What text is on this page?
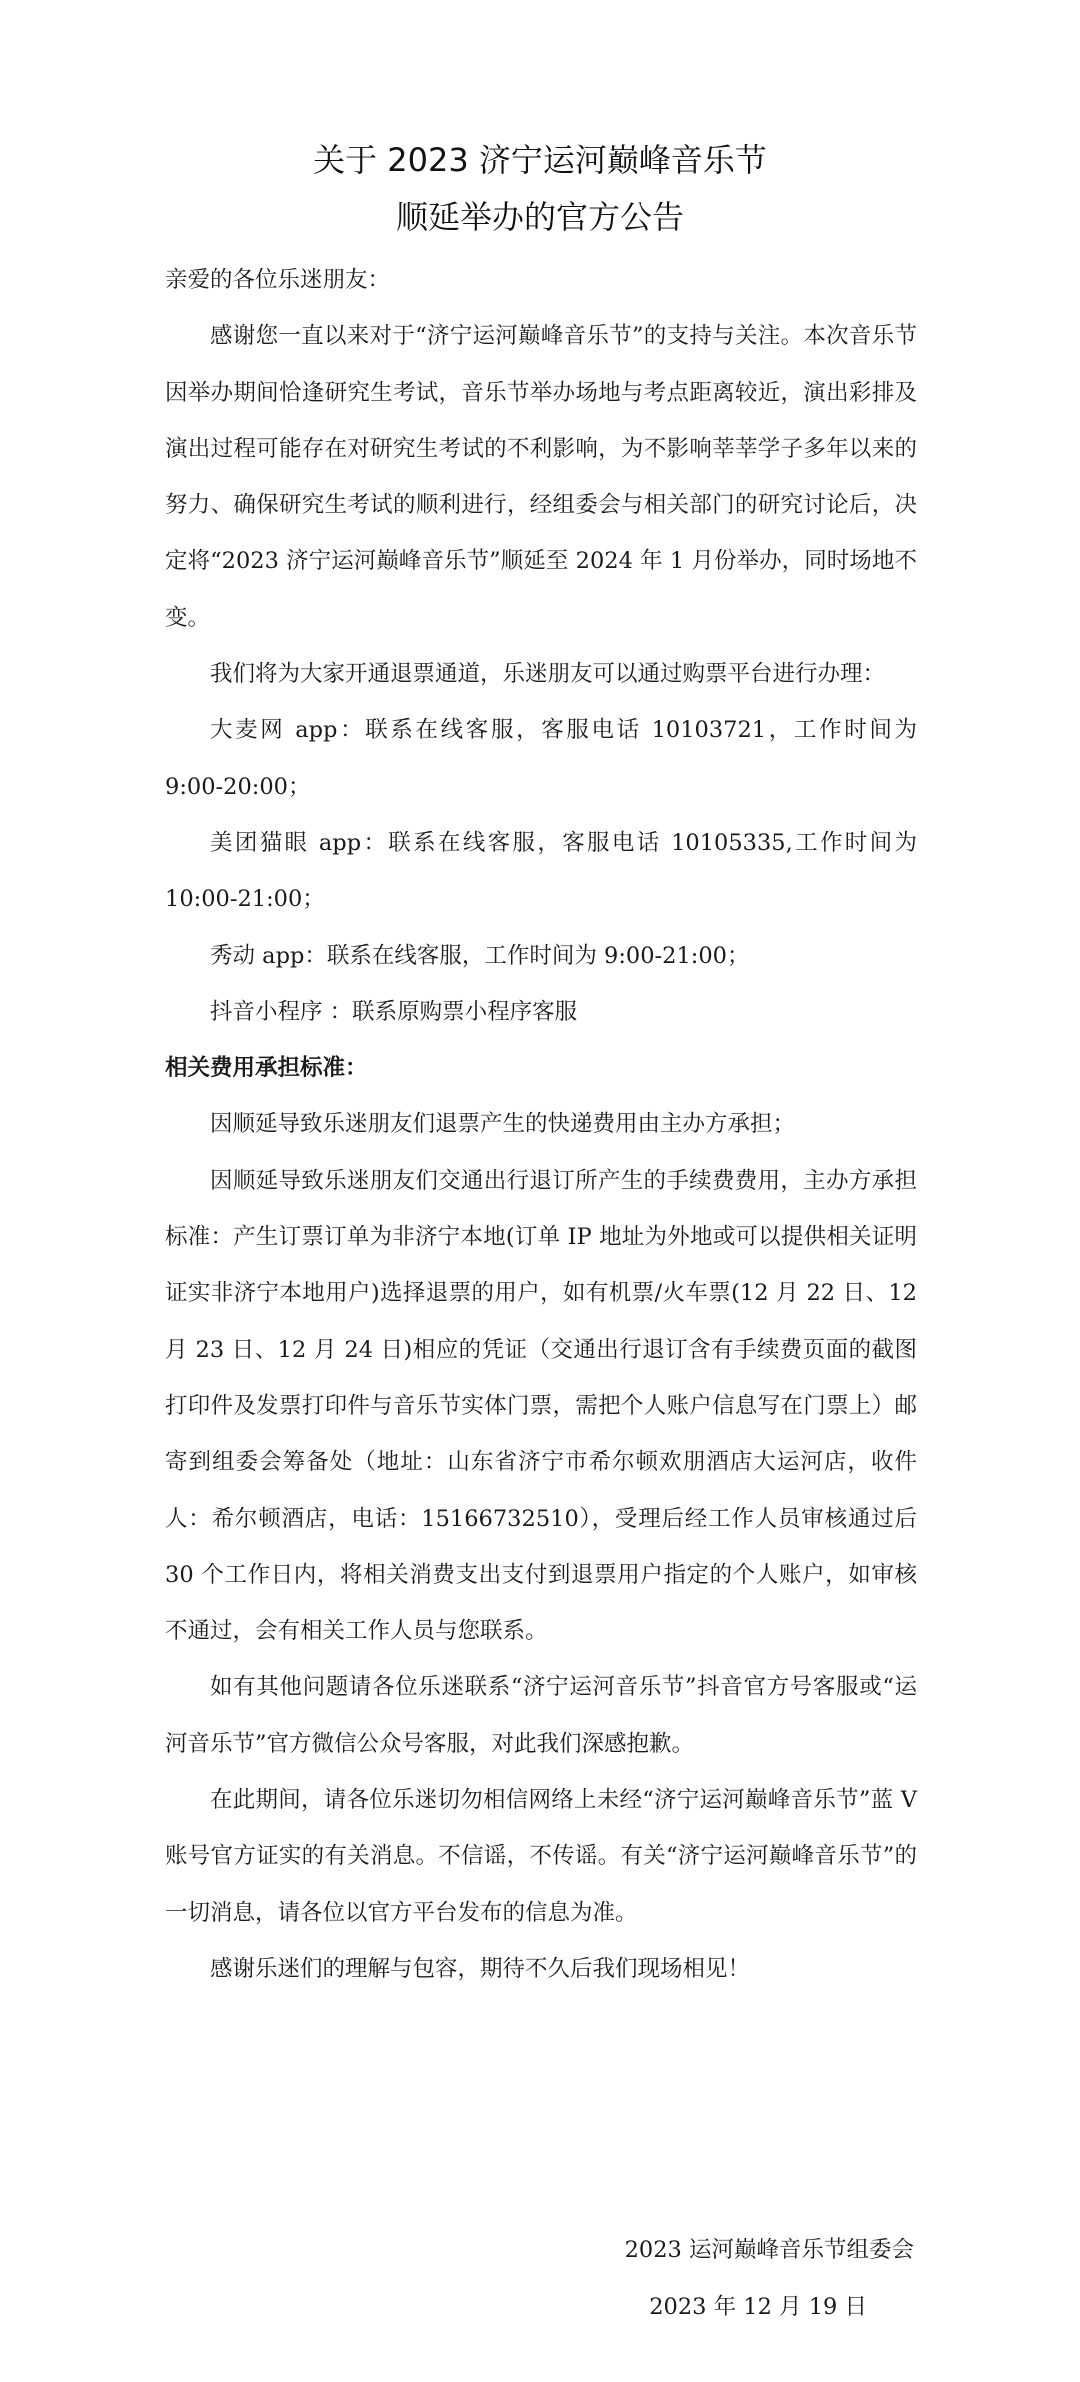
关于 2023 济宁运河巅峰音乐节
顺延举办的官方公告

亲爱的各位乐迷朋友：

感谢您一直以来对于“济宁运河巅峰音乐节”的支持与关注。本次音乐节因举办期间恰逢研究生考试，音乐节举办场地与考点距离较近，演出彩排及演出过程可能存在对研究生考试的不利影响，为不影响莘莘学子多年以来的努力、确保研究生考试的顺利进行，经组委会与相关部门的研究讨论后，决定将“2023 济宁运河巅峰音乐节”顺延至 2024 年 1 月份举办，同时场地不变。

我们将为大家开通退票通道，乐迷朋友可以通过购票平台进行办理：

大麦网 app：联系在线客服，客服电话 10103721，工作时间为 9:00-20:00；

美团猫眼 app：联系在线客服，客服电话 10105335,工作时间为 10:00-21:00；

秀动 app：联系在线客服，工作时间为 9:00-21:00；

抖音小程序 ：联系原购票小程序客服

相关费用承担标准：

因顺延导致乐迷朋友们退票产生的快递费用由主办方承担；

因顺延导致乐迷朋友们交通出行退订所产生的手续费费用，主办方承担标准：产生订票订单为非济宁本地(订单 IP 地址为外地或可以提供相关证明证实非济宁本地用户)选择退票的用户，如有机票/火车票(12 月 22 日、12 月 23 日、12 月 24 日)相应的凭证（交通出行退订含有手续费页面的截图打印件及发票打印件与音乐节实体门票，需把个人账户信息写在门票上）邮寄到组委会筹备处（地址：山东省济宁市希尔顿欢朋酒店大运河店，收件人：希尔顿酒店，电话：15166732510），受理后经工作人员审核通过后 30 个工作日内，将相关消费支出支付到退票用户指定的个人账户，如审核不通过，会有相关工作人员与您联系。

如有其他问题请各位乐迷联系“济宁运河音乐节”抖音官方号客服或“运河音乐节”官方微信公众号客服，对此我们深感抱歉。

在此期间，请各位乐迷切勿相信网络上未经“济宁运河巅峰音乐节”蓝 V 账号官方证实的有关消息。不信谣，不传谣。有关“济宁运河巅峰音乐节”的一切消息，请各位以官方平台发布的信息为准。

感谢乐迷们的理解与包容，期待不久后我们现场相见！

2023 运河巅峰音乐节组委会
2023 年 12 月 19 日
